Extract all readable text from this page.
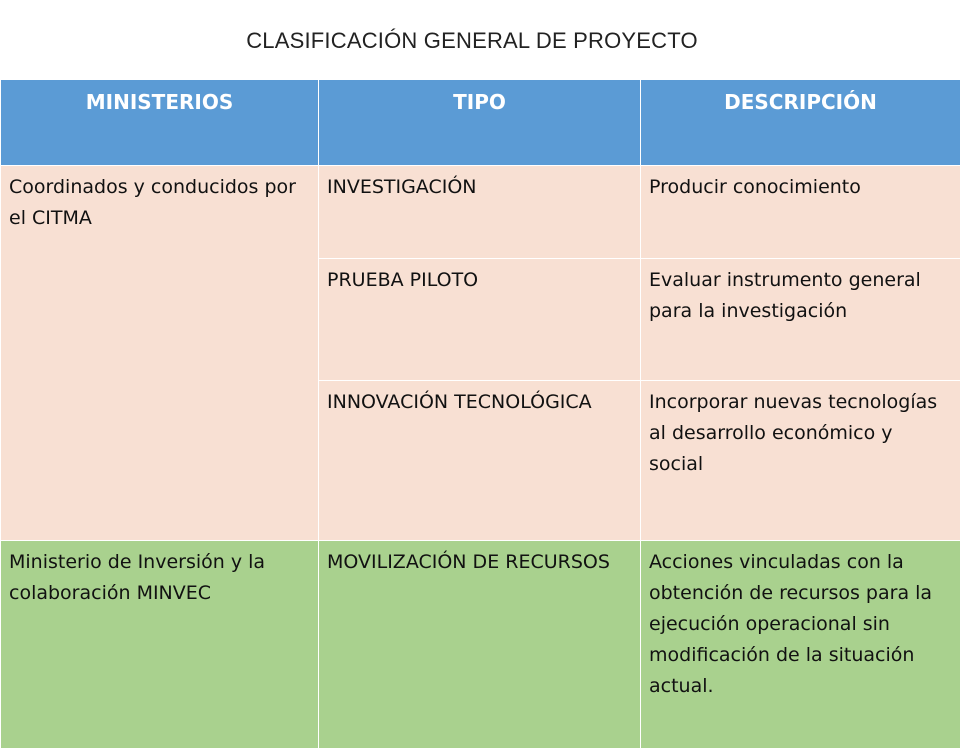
CLASIFICACIÓN GENERAL DE PROYECTO
MINISTERIOS	TIPO	DESCRIPCIÓN
Coordinados y conducidos por el CITMA	INVESTIGACIÓN	Producir conocimiento
	PRUEBA PILOTO	Evaluar instrumento general para la investigación
	INNOVACIÓN TECNOLÓGICA	Incorporar nuevas tecnologías al desarrollo económico y social
Ministerio de Inversión y la colaboración MINVEC	MOVILIZACIÓN DE RECURSOS	Acciones vinculadas con la obtención de recursos para la ejecución operacional sin modificación de la situación actual.
